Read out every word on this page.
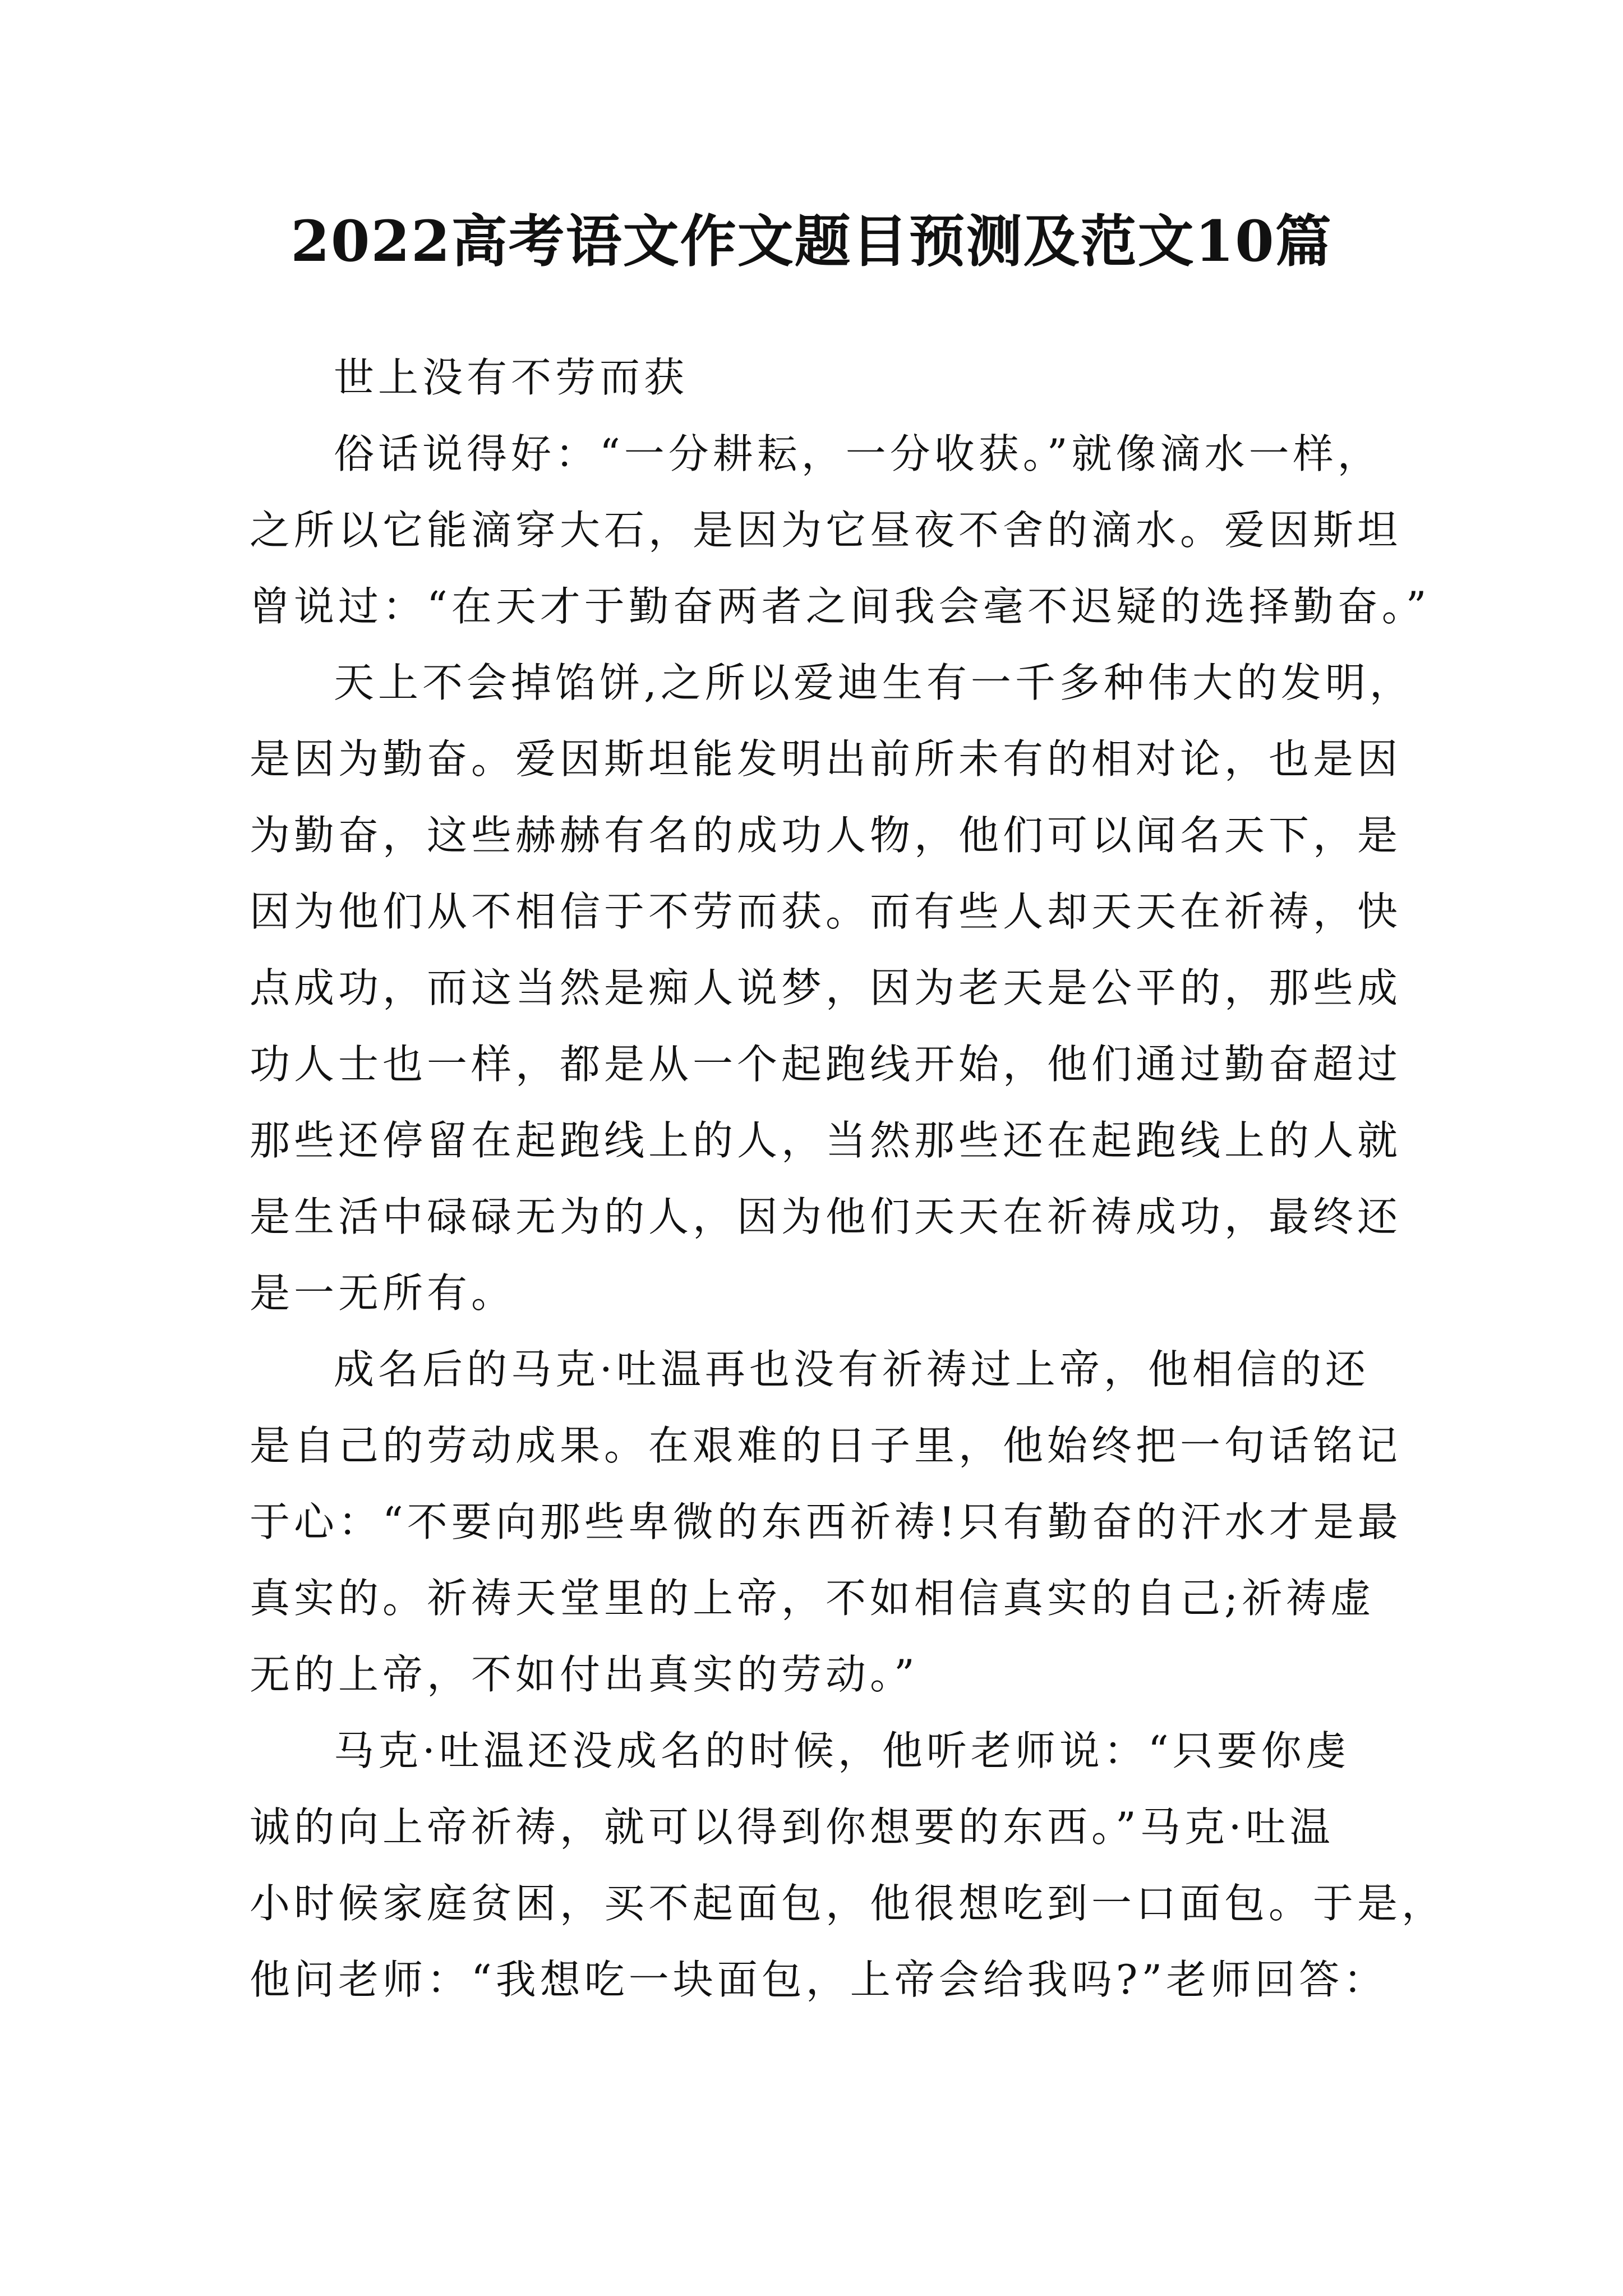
2022高考语文作文题目预测及范文10篇
世上没有不劳而获
俗话说得好：“一分耕耘，一分收获。”就像滴水一样，
之所以它能滴穿大石，是因为它昼夜不舍的滴水。爱因斯坦
曾说过：“在天才于勤奋两者之间我会毫不迟疑的选择勤奋。”
天上不会掉馅饼,之所以爱迪生有一千多种伟大的发明，
是因为勤奋。爱因斯坦能发明出前所未有的相对论，也是因
为勤奋，这些赫赫有名的成功人物，他们可以闻名天下，是
因为他们从不相信于不劳而获。而有些人却天天在祈祷，快
点成功，而这当然是痴人说梦，因为老天是公平的，那些成
功人士也一样，都是从一个起跑线开始，他们通过勤奋超过
那些还停留在起跑线上的人，当然那些还在起跑线上的人就
是生活中碌碌无为的人，因为他们天天在祈祷成功，最终还
是一无所有。
成名后的马克·吐温再也没有祈祷过上帝，他相信的还
是自己的劳动成果。在艰难的日子里，他始终把一句话铭记
于心：“不要向那些卑微的东西祈祷!只有勤奋的汗水才是最
真实的。祈祷天堂里的上帝，不如相信真实的自己;祈祷虚
无的上帝，不如付出真实的劳动。”
马克·吐温还没成名的时候，他听老师说：“只要你虔
诚的向上帝祈祷，就可以得到你想要的东西。”马克·吐温
小时候家庭贫困，买不起面包，他很想吃到一口面包。于是，
他问老师：“我想吃一块面包，上帝会给我吗?”老师回答：
